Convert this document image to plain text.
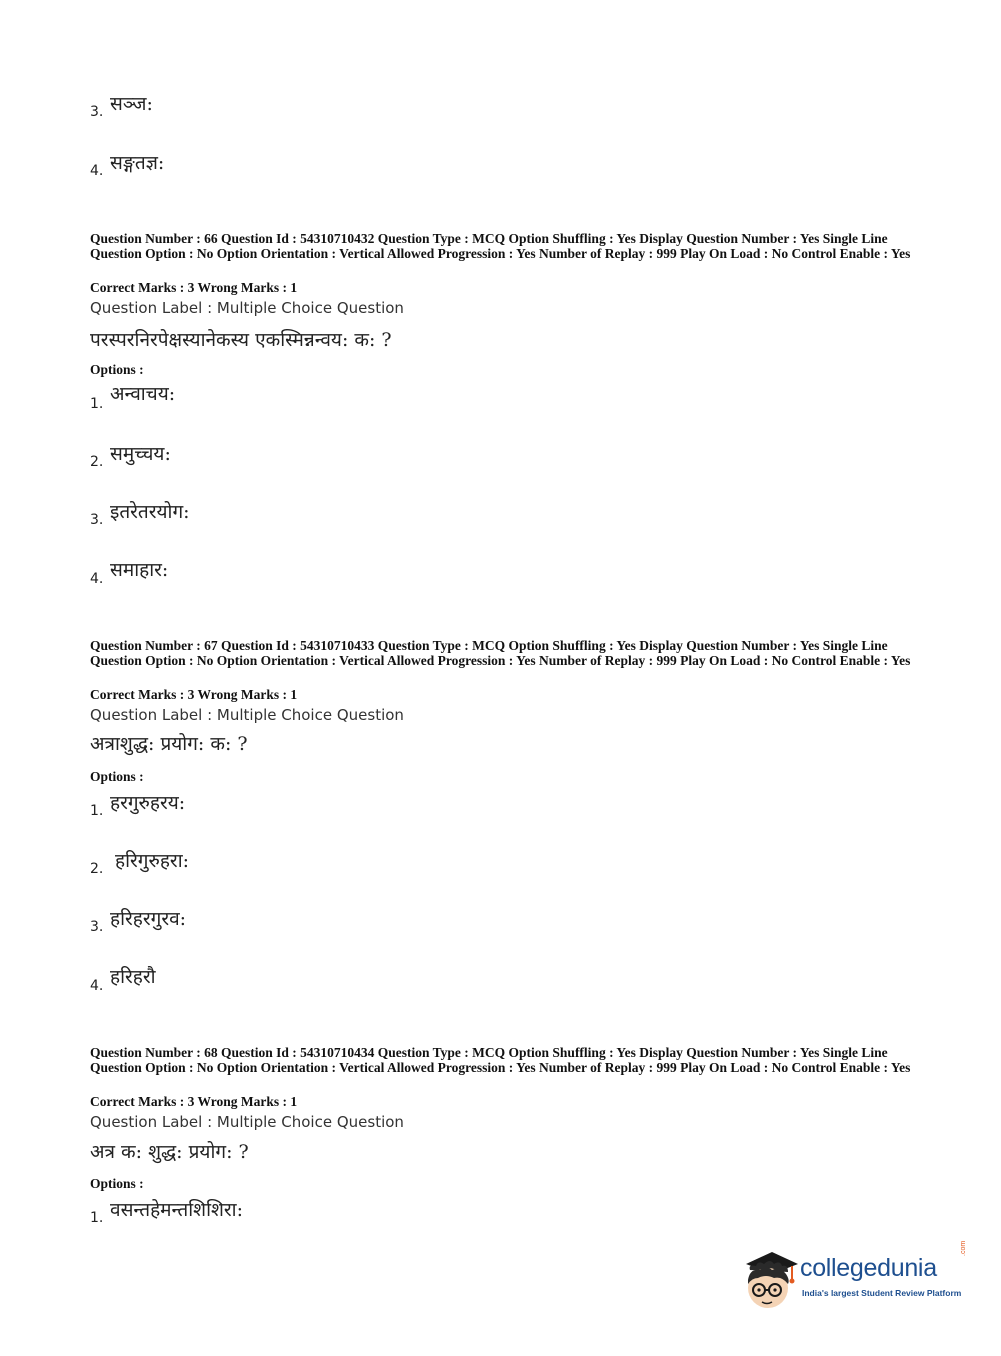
3. सञ्ज:
4. सङ्गतज्ञ:
Question Number : 66 Question Id : 54310710432 Question Type : MCQ Option Shuffling : Yes Display Question Number : Yes Single Line Question Option : No Option Orientation : Vertical Allowed Progression : Yes Number of Replay : 999 Play On Load : No Control Enable : Yes
Correct Marks : 3 Wrong Marks : 1
Question Label : Multiple Choice Question
परस्परनिरपेक्षस्यानेकस्य एकस्मिन्नन्वय: क: ?
Options :
1. अन्वाचय:
2. समुच्चय:
3. इतरेतरयोग:
4. समाहार:
Question Number : 67 Question Id : 54310710433 Question Type : MCQ Option Shuffling : Yes Display Question Number : Yes Single Line Question Option : No Option Orientation : Vertical Allowed Progression : Yes Number of Replay : 999 Play On Load : No Control Enable : Yes
Correct Marks : 3 Wrong Marks : 1
Question Label : Multiple Choice Question
अत्राशुद्ध: प्रयोग: क: ?
Options :
1. हरगुरुहरय:
2. हरिगुरुहरा:
3. हरिहरगुरव:
4. हरिहरौ
Question Number : 68 Question Id : 54310710434 Question Type : MCQ Option Shuffling : Yes Display Question Number : Yes Single Line Question Option : No Option Orientation : Vertical Allowed Progression : Yes Number of Replay : 999 Play On Load : No Control Enable : Yes
Correct Marks : 3 Wrong Marks : 1
Question Label : Multiple Choice Question
अत्र क: शुद्ध: प्रयोग: ?
Options :
1. वसन्तहेमन्तशिशिरा:
collegedunia
.com
India's largest Student Review Platform
